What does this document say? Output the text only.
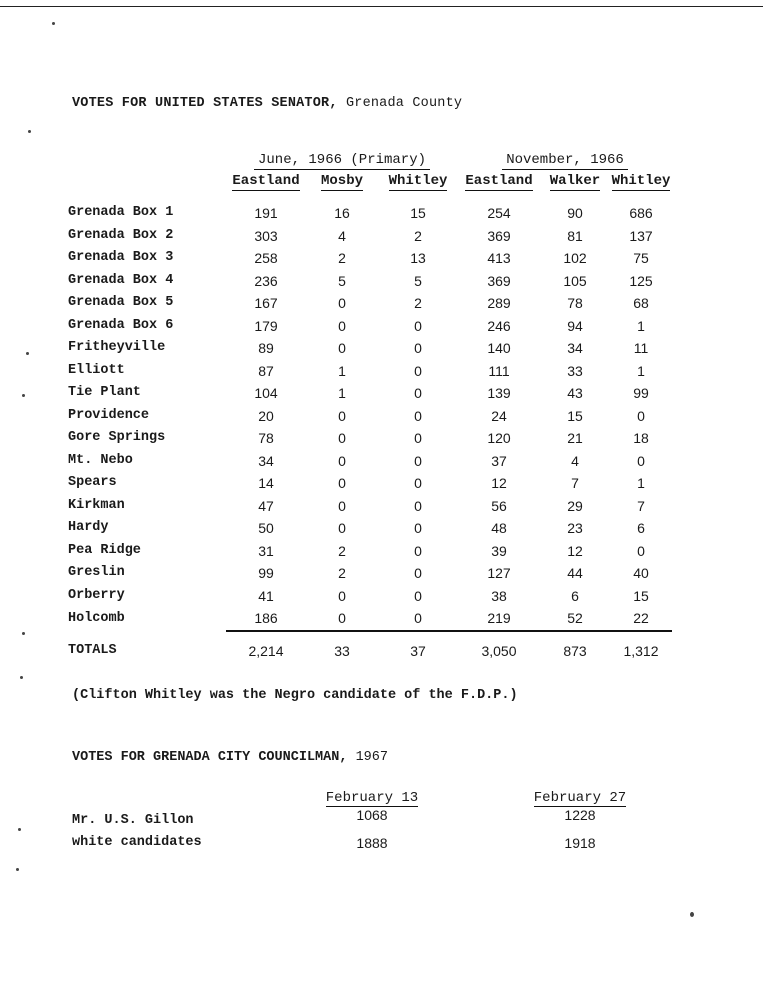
VOTES FOR UNITED STATES SENATOR, Grenada County
	June, 1966 (Primary)			November, 1966		
	Eastland	Mosby	Whitley	Eastland	Walker	Whitley

Grenada Box 1	191	16	15	254	90	686
Grenada Box 2	303	4	2	369	81	137
Grenada Box 3	258	2	13	413	102	75
Grenada Box 4	236	5	5	369	105	125
Grenada Box 5	167	0	2	289	78	68
Grenada Box 6	179	0	0	246	94	1
Fritheyville	89	0	0	140	34	11
Elliott	87	1	0	111	33	1
Tie Plant	104	1	0	139	43	99
Providence	20	0	0	24	15	0
Gore Springs	78	0	0	120	21	18
Mt. Nebo	34	0	0	37	4	0
Spears	14	0	0	12	7	1
Kirkman	47	0	0	56	29	7
Hardy	50	0	0	48	23	6
Pea Ridge	31	2	0	39	12	0
Greslin	99	2	0	127	44	40
Orberry	41	0	0	38	6	15
Holcomb	186	0	0	219	52	22

TOTALS	2,214	33	37	3,050	873	1,312
(Clifton Whitley was the Negro candidate of the F.D.P.)
VOTES FOR GRENADA CITY COUNCILMAN, 1967
February 13	February 27
Mr. U.S. Gillon	1068	1228
white candidates	1888	1918
